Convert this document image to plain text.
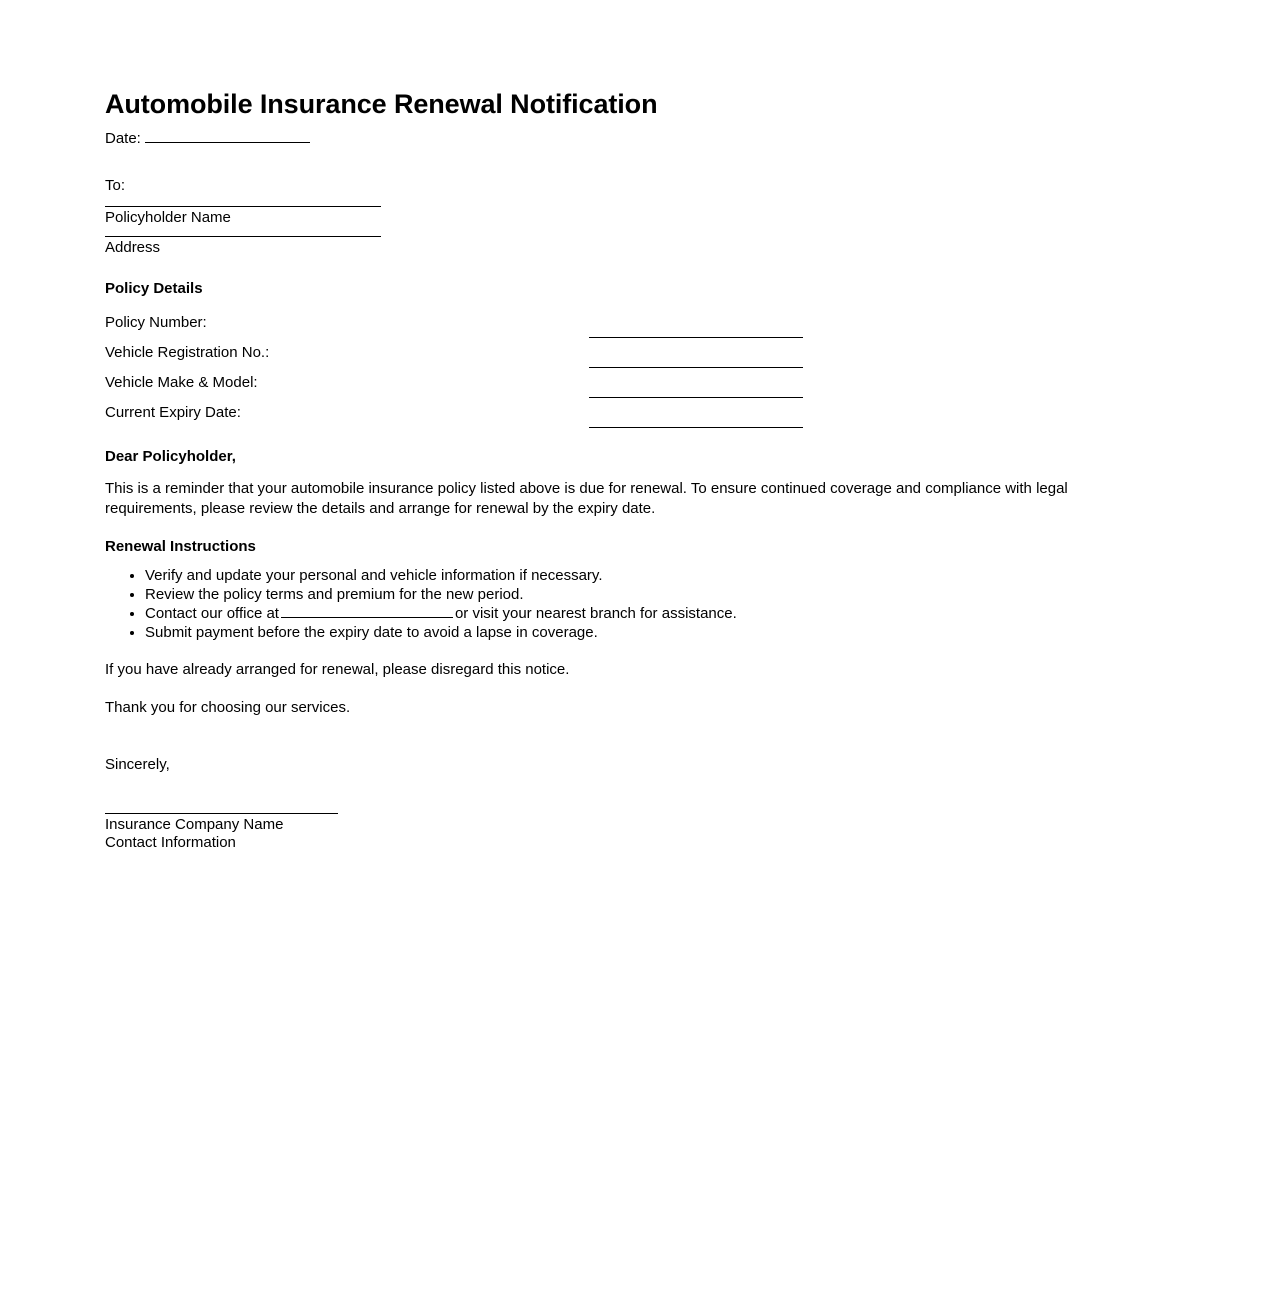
Automobile Insurance Renewal Notification

Date:

To:

Policyholder Name
Address
Policy Details
Policy Number:	

Vehicle Registration No.:	

Vehicle Make & Model:	

Current Expiry Date:	

Dear Policyholder,

This is a reminder that your automobile insurance policy listed above is due for renewal. To ensure continued coverage and compliance with legal requirements, please review the details and arrange for renewal by the expiry date.

Renewal Instructions
• Verify and update your personal and vehicle information if necessary.
• Review the policy terms and premium for the new period.
• Contact our office at	or visit your nearest branch for assistance.
• Submit payment before the expiry date to avoid a lapse in coverage.

If you have already arranged for renewal, please disregard this notice.

Thank you for choosing our services.

Sincerely,

Insurance Company Name

Contact Information
